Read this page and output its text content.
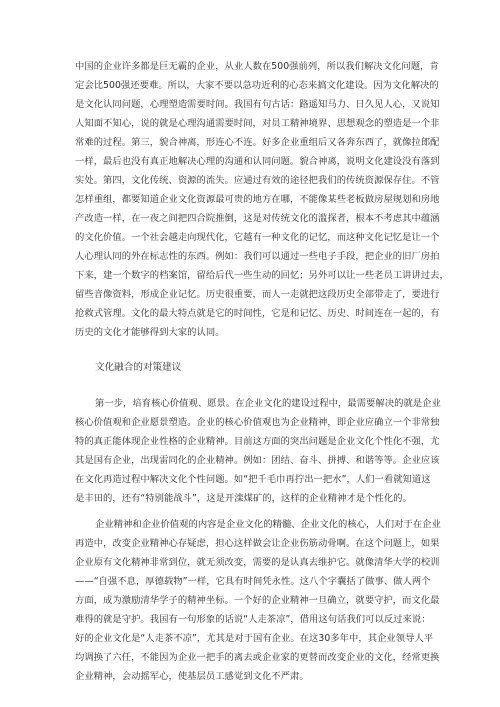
中国的企业许多都是巨无霸的企业，从业人数在500强前列，所以我们解决文化问题，肯
定会比500强还要难。所以，大家不要以急功近利的心态来搞文化建设。因为文化解决的
是文化认同问题，心理塑造需要时间。我国有句古话：路遥知马力、日久见人心，又说知
人知面不知心，说的就是心理沟通需要时间，对员工精神境界、思想观念的塑造是一个非
常难的过程。第三，貌合神离，形连心不连。好多企业重组后又各奔东西了，就像拉郎配
一样，最后也没有真正地解决心理的沟通和认同问题。貌合神离，说明文化建设没有落到
实处。第四，文化传统、资源的流失。应通过有效的途径把我们的传统资源保存住。不管
怎样重组，都要知道企业文化资源最可贵的地方在哪，不能像某些老板做房屋规划和房地
产改造一样，在一夜之间把四合院推倒，这是对传统文化的滥探者，根本不考虑其中蕴涵
的文化价值。一个社会越走向现代化，它越有一种文化的记忆，而这种文化记忆是让一个
人心理认同的外在标志性的东西。例如：我们可以通过一些电子手段，把企业的旧厂房拍
下来，建一个数字的档案馆，留给后代一些生动的回忆；另外可以让一些老员工讲讲过去，
留些音像资料，形成企业记忆。历史很重要，而人一走就把这段历史全部带走了，要进行
抢救式管理。文化的最大特点就是它的时间性，它是和记忆、历史、时间连在一起的，有
历史的文化才能够得到大家的认同。
文化融合的对策建议
第一步，培育核心价值观、愿景。在企业文化的建设过程中，最需要解决的就是企业
核心价值观和企业愿景塑造。企业的核心价值观也为企业精神，即企业应确立一个非常独
特的真正能体现企业性格的企业精神。目前这方面的突出问题是企业文化个性化不强，尤
其是国有企业，出现雷同化的企业精神。例如：团结、奋斗、拼搏、和谐等等。企业应该
在文化再造过程中解决文化个性问题。如“把千毛巾再拧出一把水”，人们一看就知道这
是丰田的，还有“特别能战斗”，这是开滦煤矿的，这样的企业精神才是个性化的。
企业精神和企业价值观的内容是企业文化的精髓、企业文化的核心，人们对于在企业
再造中，改变企业精神心存疑虑，担心这样做会让企业伤筋动骨啊。在这个问题上，如果
企业原有文化精神非常到位，就无须改变，需要的是认真去维护它。就像清华大学的校训
——“自强不息，厚德载物”一样，它具有时间凭永性。这八个字囊括了做事、做人两个
方面，成为激励清华学子的精神坐标。一个好的企业精神一旦确立，就要守护，而文化最
难得的就是守护。我国有一句形象的话说“人走茶凉”，借用这句话我们可以反过来说：
好的企业文化是“人走茶不凉”，尤其是对于国有企业。在这30多年中，其企业领导人平
均调换了六任，不能因为企业一把手的离去或企业家的更替而改变企业的文化，经常更换
企业精神，会动摇军心，使基层员工感觉到文化不严肃。
